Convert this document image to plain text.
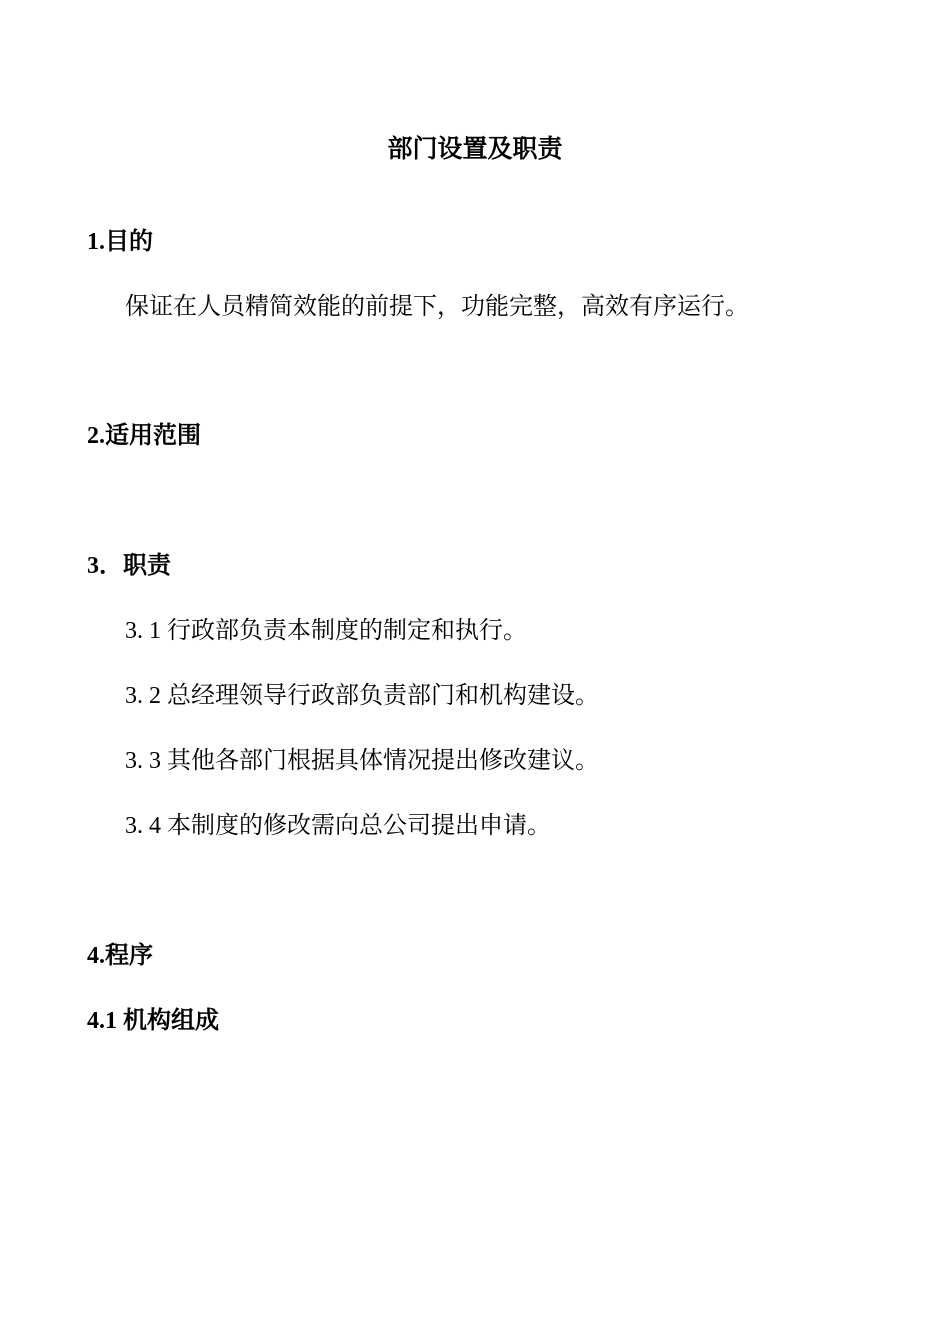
部门设置及职责
1.目的
保证在人员精简效能的前提下，功能完整，高效有序运行。
2.适用范围
3．职责
3. 1 行政部负责本制度的制定和执行。
3. 2 总经理领导行政部负责部门和机构建设。
3. 3 其他各部门根据具体情况提出修改建议。
3. 4 本制度的修改需向总公司提出申请。
4.程序
4.1 机构组成
